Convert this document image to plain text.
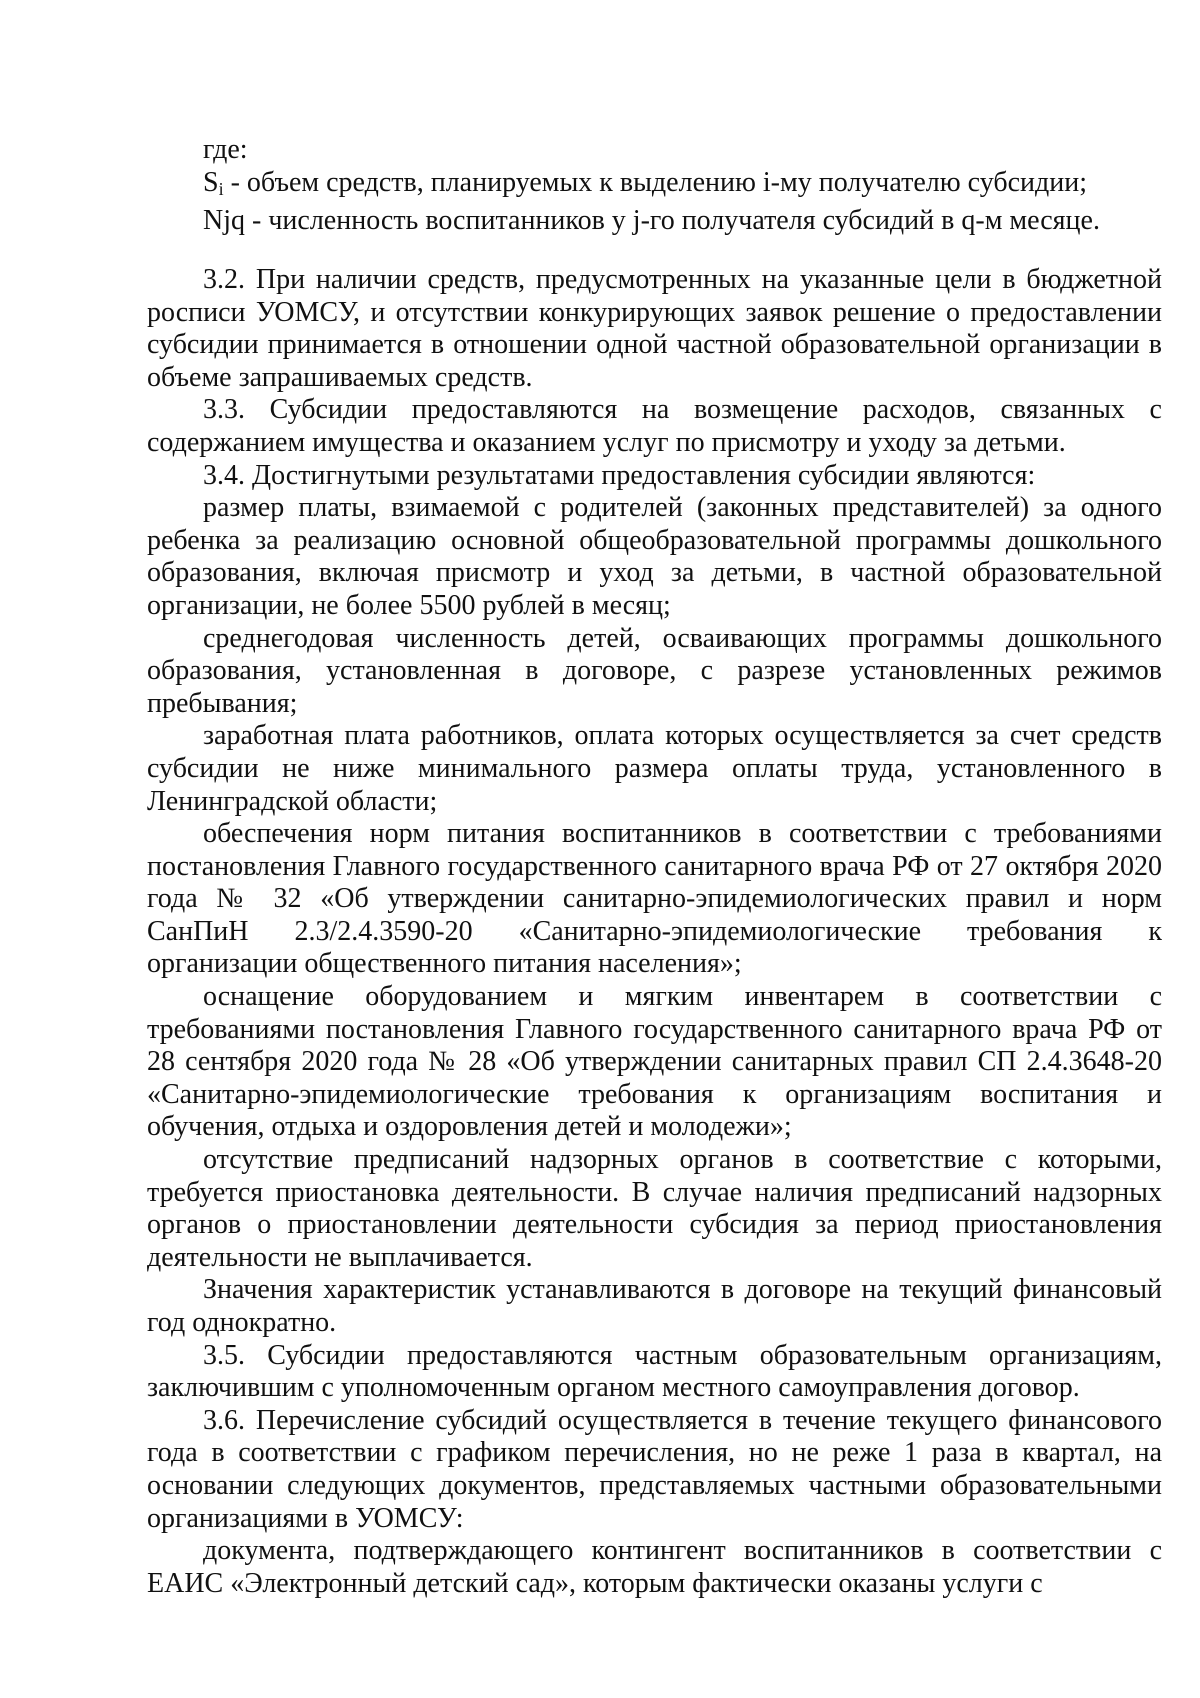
где:
$S_i$ - объем средств, планируемых к выделению i-му получателю субсидии;
Njq - численность воспитанников у j-го получателя субсидий в q-м месяце.

3.2. При наличии средств, предусмотренных на указанные цели в бюджетной росписи УОМСУ, и отсутствии конкурирующих заявок решение о предоставлении субсидии принимается в отношении одной частной образовательной организации в объеме запрашиваемых средств.

3.3. Субсидии предоставляются на возмещение расходов, связанных с содержанием имущества и оказанием услуг по присмотру и уходу за детьми.

3.4. Достигнутыми результатами предоставления субсидии являются:

размер платы, взимаемой с родителей (законных представителей) за одного ребенка за реализацию основной общеобразовательной программы дошкольного образования, включая присмотр и уход за детьми, в частной образовательной организации, не более 5500 рублей в месяц;

среднегодовая численность детей, осваивающих программы дошкольного образования, установленная в договоре, с разрезе установленных режимов пребывания;

заработная плата работников, оплата которых осуществляется за счет средств субсидии не ниже минимального размера оплаты труда, установленного в Ленинградской области;

обеспечения норм питания воспитанников в соответствии с требованиями постановления Главного государственного санитарного врача РФ от 27 октября 2020 года № 32 «Об утверждении санитарно-эпидемиологических правил и норм СанПиН 2.3/2.4.3590-20 «Санитарно-эпидемиологические требования к организации общественного питания населения»;

оснащение оборудованием и мягким инвентарем в соответствии с требованиями постановления Главного государственного санитарного врача РФ от 28 сентября 2020 года № 28 «Об утверждении санитарных правил СП 2.4.3648-20 «Санитарно-эпидемиологические требования к организациям воспитания и обучения, отдыха и оздоровления детей и молодежи»;

отсутствие предписаний надзорных органов в соответствие с которыми, требуется приостановка деятельности. В случае наличия предписаний надзорных органов о приостановлении деятельности субсидия за период приостановления деятельности не выплачивается.

Значения характеристик устанавливаются в договоре на текущий финансовый год однократно.

3.5. Субсидии предоставляются частным образовательным организациям, заключившим с уполномоченным органом местного самоуправления договор.

3.6. Перечисление субсидий осуществляется в течение текущего финансового года в соответствии с графиком перечисления, но не реже 1 раза в квартал, на основании следующих документов, представляемых частными образовательными организациями в УОМСУ:

документа, подтверждающего контингент воспитанников в соответствии с ЕАИС «Электронный детский сад», которым фактически оказаны услуги с
